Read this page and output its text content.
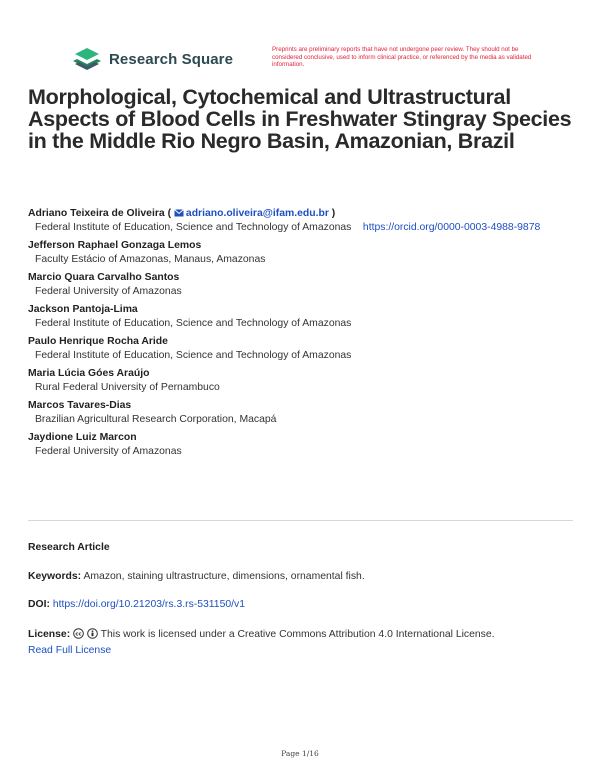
Research Square
Preprints are preliminary reports that have not undergone peer review. They should not be considered conclusive, used to inform clinical practice, or referenced by the media as validated information.
Morphological, Cytochemical and Ultrastructural Aspects of Blood Cells in Freshwater Stingray Species in the Middle Rio Negro Basin, Amazonian, Brazil
Adriano Teixeira de Oliveira ( adriano.oliveira@ifam.edu.br )
Federal Institute of Education, Science and Technology of Amazonas https://orcid.org/0000-0003-4988-9878
Jefferson Raphael Gonzaga Lemos
Faculty Estácio of Amazonas, Manaus, Amazonas
Marcio Quara Carvalho Santos
Federal University of Amazonas
Jackson Pantoja-Lima
Federal Institute of Education, Science and Technology of Amazonas
Paulo Henrique Rocha Aride
Federal Institute of Education, Science and Technology of Amazonas
Maria Lúcia Góes Araújo
Rural Federal University of Pernambuco
Marcos Tavares-Dias
Brazilian Agricultural Research Corporation, Macapá
Jaydione Luiz Marcon
Federal University of Amazonas
Research Article
Keywords: Amazon, staining ultrastructure, dimensions, ornamental fish.
DOI: https://doi.org/10.21203/rs.3.rs-531150/v1
License: cc This work is licensed under a Creative Commons Attribution 4.0 International License.
Read Full License
Page 1/16
